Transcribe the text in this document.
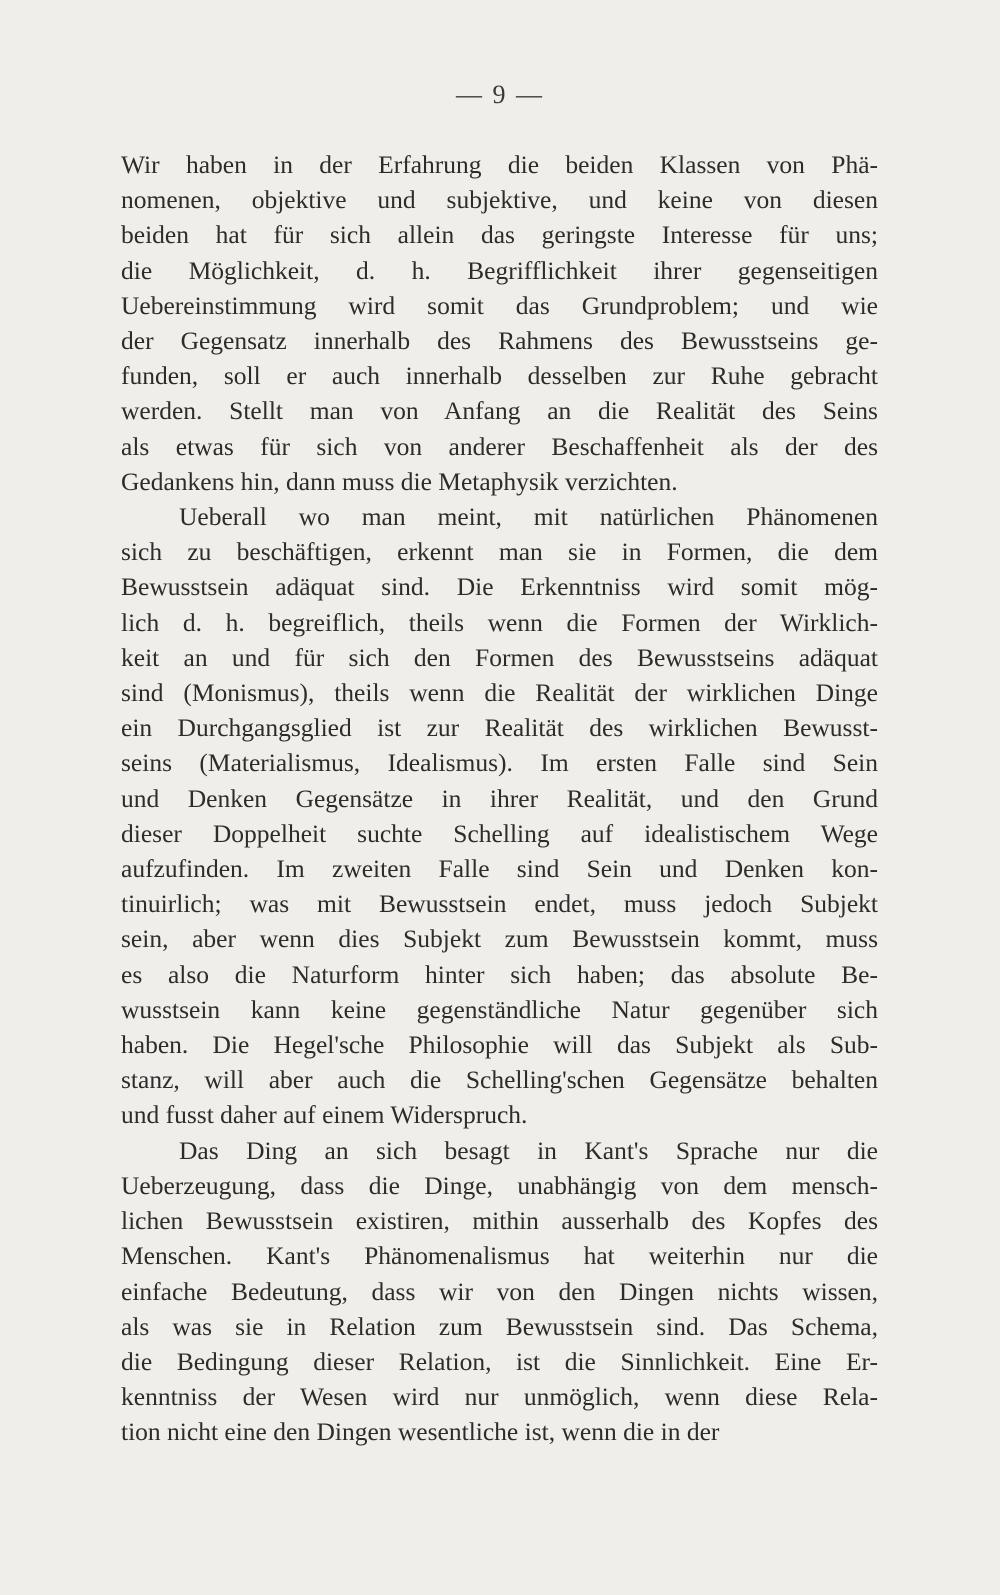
— 9 —
Wir haben in der Erfahrung die beiden Klassen von Phä-
nomenen, objektive und subjektive, und keine von diesen
beiden hat für sich allein das geringste Interesse für uns;
die Möglichkeit, d. h. Begrifflichkeit ihrer gegenseitigen
Uebereinstimmung wird somit das Grundproblem; und wie
der Gegensatz innerhalb des Rahmens des Bewusstseins ge-
funden, soll er auch innerhalb desselben zur Ruhe gebracht
werden. Stellt man von Anfang an die Realität des Seins
als etwas für sich von anderer Beschaffenheit als der des
Gedankens hin, dann muss die Metaphysik verzichten.
Ueberall wo man meint, mit natürlichen Phänomenen
sich zu beschäftigen, erkennt man sie in Formen, die dem
Bewusstsein adäquat sind. Die Erkenntniss wird somit mög-
lich d. h. begreiflich, theils wenn die Formen der Wirklich-
keit an und für sich den Formen des Bewusstseins adäquat
sind (Monismus), theils wenn die Realität der wirklichen Dinge
ein Durchgangsglied ist zur Realität des wirklichen Bewusst-
seins (Materialismus, Idealismus). Im ersten Falle sind Sein
und Denken Gegensätze in ihrer Realität, und den Grund
dieser Doppelheit suchte Schelling auf idealistischem Wege
aufzufinden. Im zweiten Falle sind Sein und Denken kon-
tinuirlich; was mit Bewusstsein endet, muss jedoch Subjekt
sein, aber wenn dies Subjekt zum Bewusstsein kommt, muss
es also die Naturform hinter sich haben; das absolute Be-
wusstsein kann keine gegenständliche Natur gegenüber sich
haben. Die Hegel'sche Philosophie will das Subjekt als Sub-
stanz, will aber auch die Schelling'schen Gegensätze behalten
und fusst daher auf einem Widerspruch.
Das Ding an sich besagt in Kant's Sprache nur die
Ueberzeugung, dass die Dinge, unabhängig von dem mensch-
lichen Bewusstsein existiren, mithin ausserhalb des Kopfes des
Menschen. Kant's Phänomenalismus hat weiterhin nur die
einfache Bedeutung, dass wir von den Dingen nichts wissen,
als was sie in Relation zum Bewusstsein sind. Das Schema,
die Bedingung dieser Relation, ist die Sinnlichkeit. Eine Er-
kenntniss der Wesen wird nur unmöglich, wenn diese Rela-
tion nicht eine den Dingen wesentliche ist, wenn die in der
